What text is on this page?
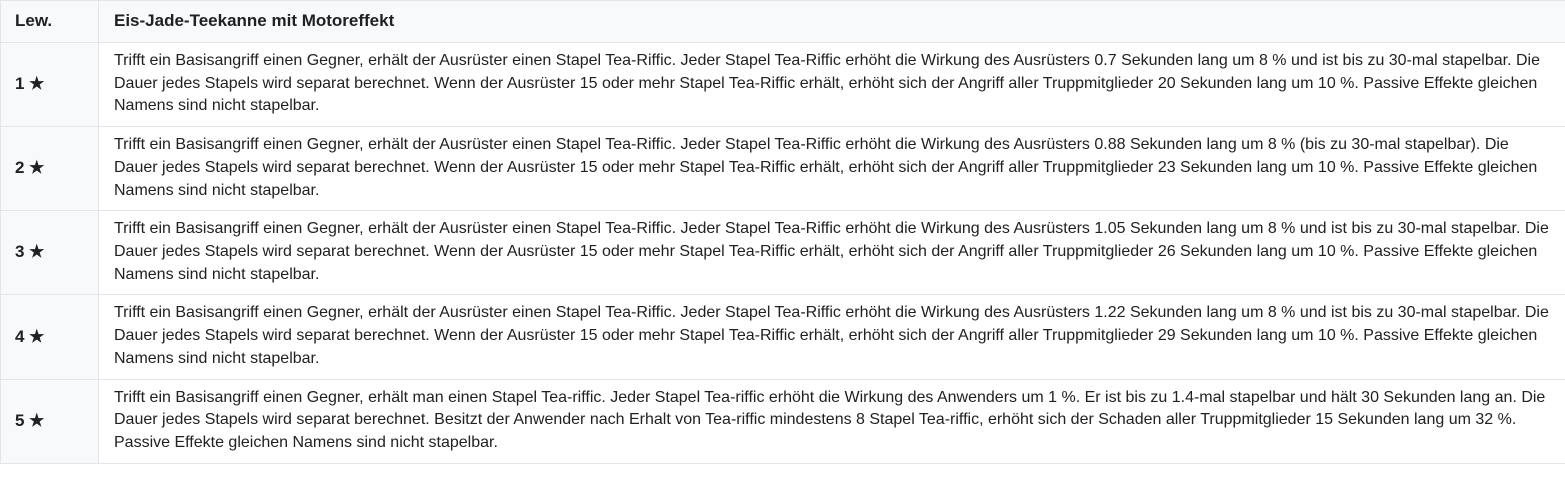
Lew.	Eis-Jade-Teekanne mit Motoreffekt
1 ★	Trifft ein Basisangriff einen Gegner, erhält der Ausrüster einen Stapel Tea-Riffic. Jeder Stapel Tea-Riffic erhöht die Wirkung des Ausrüsters 0.7 Sekunden lang um 8 % und ist bis zu 30-mal stapelbar. Die Dauer jedes Stapels wird separat berechnet. Wenn der Ausrüster 15 oder mehr Stapel Tea-Riffic erhält, erhöht sich der Angriff aller Truppmitglieder 20 Sekunden lang um 10 %. Passive Effekte gleichen Namens sind nicht stapelbar.
2 ★	Trifft ein Basisangriff einen Gegner, erhält der Ausrüster einen Stapel Tea-Riffic. Jeder Stapel Tea-Riffic erhöht die Wirkung des Ausrüsters 0.88 Sekunden lang um 8 % (bis zu 30-mal stapelbar). Die Dauer jedes Stapels wird separat berechnet. Wenn der Ausrüster 15 oder mehr Stapel Tea-Riffic erhält, erhöht sich der Angriff aller Truppmitglieder 23 Sekunden lang um 10 %. Passive Effekte gleichen Namens sind nicht stapelbar.
3 ★	Trifft ein Basisangriff einen Gegner, erhält der Ausrüster einen Stapel Tea-Riffic. Jeder Stapel Tea-Riffic erhöht die Wirkung des Ausrüsters 1.05 Sekunden lang um 8 % und ist bis zu 30-mal stapelbar. Die Dauer jedes Stapels wird separat berechnet. Wenn der Ausrüster 15 oder mehr Stapel Tea-Riffic erhält, erhöht sich der Angriff aller Truppmitglieder 26 Sekunden lang um 10 %. Passive Effekte gleichen Namens sind nicht stapelbar.
4 ★	Trifft ein Basisangriff einen Gegner, erhält der Ausrüster einen Stapel Tea-Riffic. Jeder Stapel Tea-Riffic erhöht die Wirkung des Ausrüsters 1.22 Sekunden lang um 8 % und ist bis zu 30-mal stapelbar. Die Dauer jedes Stapels wird separat berechnet. Wenn der Ausrüster 15 oder mehr Stapel Tea-Riffic erhält, erhöht sich der Angriff aller Truppmitglieder 29 Sekunden lang um 10 %. Passive Effekte gleichen Namens sind nicht stapelbar.
5 ★	Trifft ein Basisangriff einen Gegner, erhält man einen Stapel Tea-riffic. Jeder Stapel Tea-riffic erhöht die Wirkung des Anwenders um 1 %. Er ist bis zu 1.4-mal stapelbar und hält 30 Sekunden lang an. Die Dauer jedes Stapels wird separat berechnet. Besitzt der Anwender nach Erhalt von Tea-riffic mindestens 8 Stapel Tea-riffic, erhöht sich der Schaden aller Truppmitglieder 15 Sekunden lang um 32 %. Passive Effekte gleichen Namens sind nicht stapelbar.
